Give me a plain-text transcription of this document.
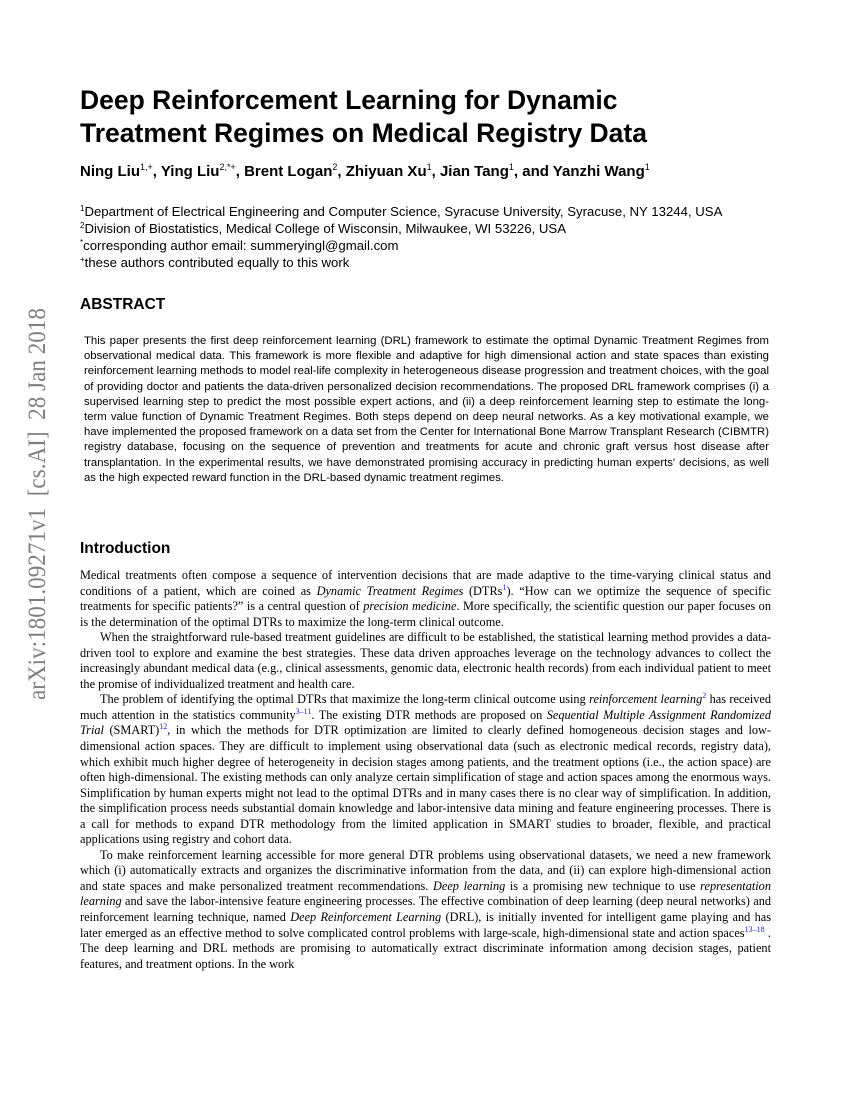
arXiv:1801.09271v1  [cs.AI]  28 Jan 2018
Deep Reinforcement Learning for Dynamic
Treatment Regimes on Medical Registry Data
Ning Liu$^{1,+}$, Ying Liu$^{2,*+}$, Brent Logan$^2$, Zhiyuan Xu$^1$, Jian Tang$^1$, and Yanzhi Wang$^1$
$^1$Department of Electrical Engineering and Computer Science, Syracuse University, Syracuse, NY 13244, USA
$^2$Division of Biostatistics, Medical College of Wisconsin, Milwaukee, WI 53226, USA
*corresponding author email: summeryingl@gmail.com
+these authors contributed equally to this work
ABSTRACT

This paper presents the first deep reinforcement learning (DRL) framework to estimate the optimal Dynamic Treatment Regimes from observational medical data. This framework is more flexible and adaptive for high dimensional action and state spaces than existing reinforcement learning methods to model real-life complexity in heterogeneous disease progression and treatment choices, with the goal of providing doctor and patients the data-driven personalized decision recommendations. The proposed DRL framework comprises (i) a supervised learning step to predict the most possible expert actions, and (ii) a deep reinforcement learning step to estimate the long-term value function of Dynamic Treatment Regimes. Both steps depend on deep neural networks. As a key motivational example, we have implemented the proposed framework on a data set from the Center for International Bone Marrow Transplant Research (CIBMTR) registry database, focusing on the sequence of prevention and treatments for acute and chronic graft versus host disease after transplantation. In the experimental results, we have demonstrated promising accuracy in predicting human experts' decisions, as well as the high expected reward function in the DRL-based dynamic treatment regimes.

Introduction

Medical treatments often compose a sequence of intervention decisions that are made adaptive to the time-varying clinical status and conditions of a patient, which are coined as Dynamic Treatment Regimes (DTRs$^1$). “How can we optimize the sequence of specific treatments for specific patients?” is a central question of precision medicine. More specifically, the scientific question our paper focuses on is the determination of the optimal DTRs to maximize the long-term clinical outcome.

When the straightforward rule-based treatment guidelines are difficult to be established, the statistical learning method provides a data-driven tool to explore and examine the best strategies. These data driven approaches leverage on the technology advances to collect the increasingly abundant medical data (e.g., clinical assessments, genomic data, electronic health records) from each individual patient to meet the promise of individualized treatment and health care.

The problem of identifying the optimal DTRs that maximize the long-term clinical outcome using reinforcement learning$^2$ has received much attention in the statistics community$^{3-11}$. The existing DTR methods are proposed on Sequential Multiple Assignment Randomized Trial (SMART)$^{12}$, in which the methods for DTR optimization are limited to clearly defined homogeneous decision stages and low-dimensional action spaces. They are difficult to implement using observational data (such as electronic medical records, registry data), which exhibit much higher degree of heterogeneity in decision stages among patients, and the treatment options (i.e., the action space) are often high-dimensional. The existing methods can only analyze certain simplification of stage and action spaces among the enormous ways. Simplification by human experts might not lead to the optimal DTRs and in many cases there is no clear way of simplification. In addition, the simplification process needs substantial domain knowledge and labor-intensive data mining and feature engineering processes. There is a call for methods to expand DTR methodology from the limited application in SMART studies to broader, flexible, and practical applications using registry and cohort data.

To make reinforcement learning accessible for more general DTR problems using observational datasets, we need a new framework which (i) automatically extracts and organizes the discriminative information from the data, and (ii) can explore high-dimensional action and state spaces and make personalized treatment recommendations. Deep learning is a promising new technique to use representation learning and save the labor-intensive feature engineering processes. The effective combination of deep learning (deep neural networks) and reinforcement learning technique, named Deep Reinforcement Learning (DRL), is initially invented for intelligent game playing and has later emerged as an effective method to solve complicated control problems with large-scale, high-dimensional state and action spaces$^{13-18}$ . The deep learning and DRL methods are promising to automatically extract discriminate information among decision stages, patient features, and treatment options. In the work
